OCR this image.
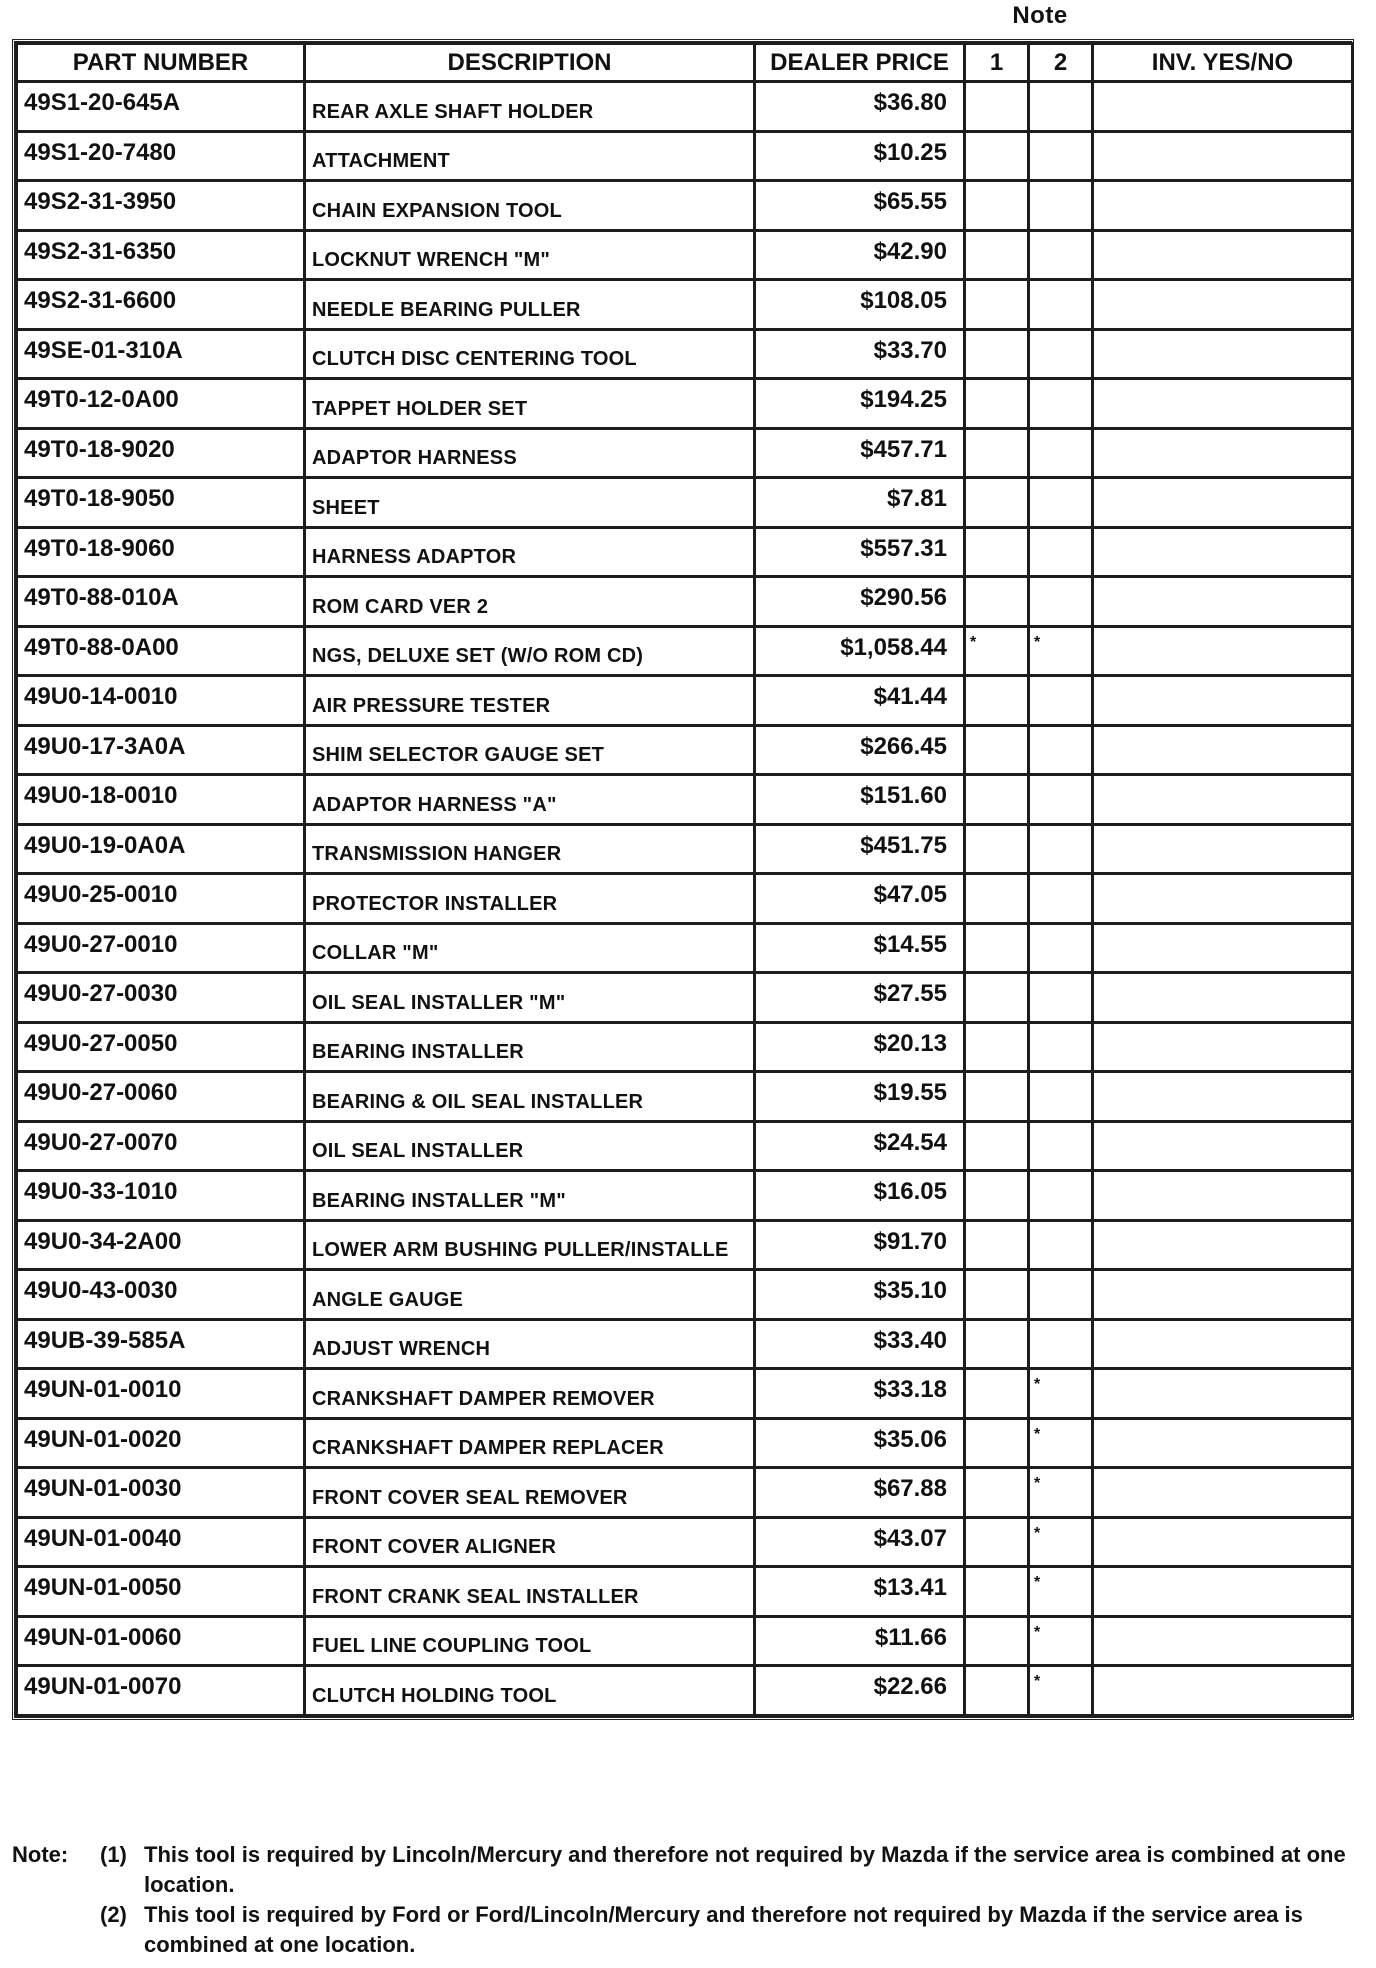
Note
PART NUMBER	DESCRIPTION	DEALER PRICE	1	2	INV. YES/NO
49S1-20-645A	REAR AXLE SHAFT HOLDER	$36.80			
49S1-20-7480	ATTACHMENT	$10.25			
49S2-31-3950	CHAIN EXPANSION TOOL	$65.55			
49S2-31-6350	LOCKNUT WRENCH "M"	$42.90			
49S2-31-6600	NEEDLE BEARING PULLER	$108.05			
49SE-01-310A	CLUTCH DISC CENTERING TOOL	$33.70			
49T0-12-0A00	TAPPET HOLDER SET	$194.25			
49T0-18-9020	ADAPTOR HARNESS	$457.71			
49T0-18-9050	SHEET	$7.81			
49T0-18-9060	HARNESS ADAPTOR	$557.31			
49T0-88-010A	ROM CARD VER 2	$290.56			
49T0-88-0A00	NGS, DELUXE SET (W/O ROM CD)	$1,058.44	*	*	
49U0-14-0010	AIR PRESSURE TESTER	$41.44			
49U0-17-3A0A	SHIM SELECTOR GAUGE SET	$266.45			
49U0-18-0010	ADAPTOR HARNESS "A"	$151.60			
49U0-19-0A0A	TRANSMISSION HANGER	$451.75			
49U0-25-0010	PROTECTOR INSTALLER	$47.05			
49U0-27-0010	COLLAR "M"	$14.55			
49U0-27-0030	OIL SEAL INSTALLER "M"	$27.55			
49U0-27-0050	BEARING INSTALLER	$20.13			
49U0-27-0060	BEARING & OIL SEAL INSTALLER	$19.55			
49U0-27-0070	OIL SEAL INSTALLER	$24.54			
49U0-33-1010	BEARING INSTALLER "M"	$16.05			
49U0-34-2A00	LOWER ARM BUSHING PULLER/INSTALLE	$91.70			
49U0-43-0030	ANGLE GAUGE	$35.10			
49UB-39-585A	ADJUST WRENCH	$33.40			
49UN-01-0010	CRANKSHAFT DAMPER REMOVER	$33.18		*	
49UN-01-0020	CRANKSHAFT DAMPER REPLACER	$35.06		*	
49UN-01-0030	FRONT COVER SEAL REMOVER	$67.88		*	
49UN-01-0040	FRONT COVER ALIGNER	$43.07		*	
49UN-01-0050	FRONT CRANK SEAL INSTALLER	$13.41		*	
49UN-01-0060	FUEL LINE COUPLING TOOL	$11.66		*	
49UN-01-0070	CLUTCH HOLDING TOOL	$22.66		*	
Note:	(1) This tool is required by Lincoln/Mercury and therefore not required by Mazda if the service area is combined at one location.
(2) This tool is required by Ford or Ford/Lincoln/Mercury and therefore not required by Mazda if the service area is combined at one location.
